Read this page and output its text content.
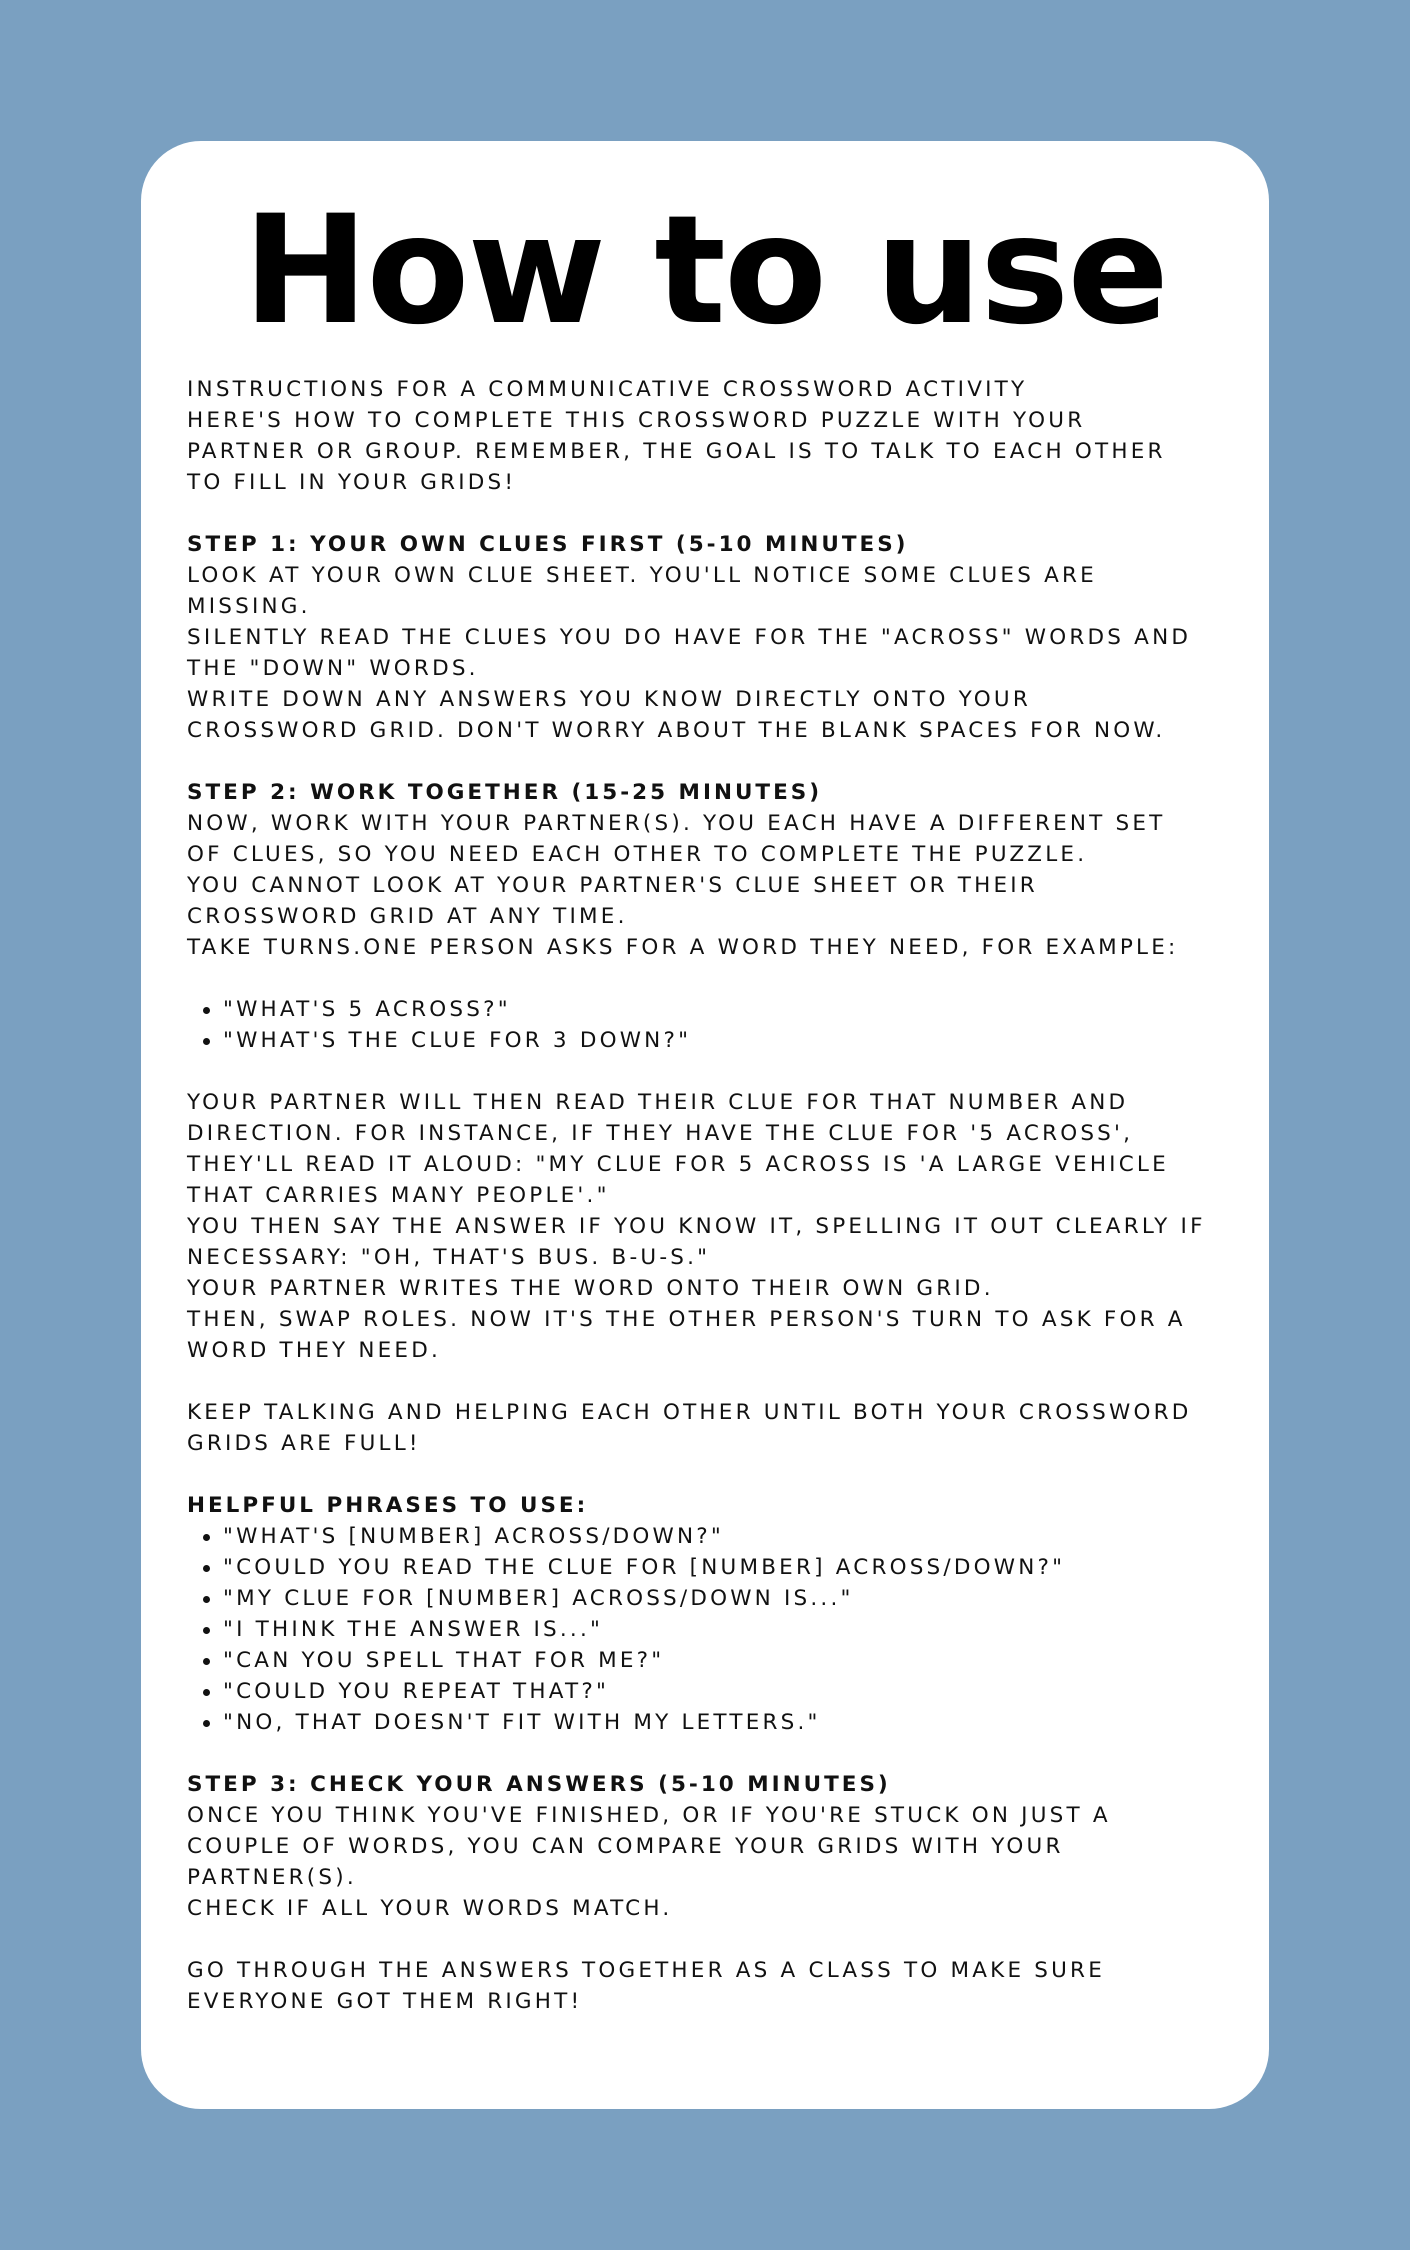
How to use
INSTRUCTIONS FOR A COMMUNICATIVE CROSSWORD ACTIVITY
HERE'S HOW TO COMPLETE THIS CROSSWORD PUZZLE WITH YOUR
PARTNER OR GROUP. REMEMBER, THE GOAL IS TO TALK TO EACH OTHER
TO FILL IN YOUR GRIDS!
STEP 1: YOUR OWN CLUES FIRST (5-10 MINUTES)
LOOK AT YOUR OWN CLUE SHEET. YOU'LL NOTICE SOME CLUES ARE
MISSING.
SILENTLY READ THE CLUES YOU DO HAVE FOR THE "ACROSS" WORDS AND
THE "DOWN" WORDS.
WRITE DOWN ANY ANSWERS YOU KNOW DIRECTLY ONTO YOUR
CROSSWORD GRID. DON'T WORRY ABOUT THE BLANK SPACES FOR NOW.
STEP 2: WORK TOGETHER (15-25 MINUTES)
NOW, WORK WITH YOUR PARTNER(S). YOU EACH HAVE A DIFFERENT SET
OF CLUES, SO YOU NEED EACH OTHER TO COMPLETE THE PUZZLE.
YOU CANNOT LOOK AT YOUR PARTNER'S CLUE SHEET OR THEIR
CROSSWORD GRID AT ANY TIME.
TAKE TURNS.ONE PERSON ASKS FOR A WORD THEY NEED, FOR EXAMPLE:
"WHAT'S 5 ACROSS?"
"WHAT'S THE CLUE FOR 3 DOWN?"
YOUR PARTNER WILL THEN READ THEIR CLUE FOR THAT NUMBER AND
DIRECTION. FOR INSTANCE, IF THEY HAVE THE CLUE FOR '5 ACROSS',
THEY'LL READ IT ALOUD: "MY CLUE FOR 5 ACROSS IS 'A LARGE VEHICLE
THAT CARRIES MANY PEOPLE'."
YOU THEN SAY THE ANSWER IF YOU KNOW IT, SPELLING IT OUT CLEARLY IF
NECESSARY: "OH, THAT'S BUS. B-U-S."
YOUR PARTNER WRITES THE WORD ONTO THEIR OWN GRID.
THEN, SWAP ROLES. NOW IT'S THE OTHER PERSON'S TURN TO ASK FOR A
WORD THEY NEED.
KEEP TALKING AND HELPING EACH OTHER UNTIL BOTH YOUR CROSSWORD
GRIDS ARE FULL!
HELPFUL PHRASES TO USE:
"WHAT'S [NUMBER] ACROSS/DOWN?"
"COULD YOU READ THE CLUE FOR [NUMBER] ACROSS/DOWN?"
"MY CLUE FOR [NUMBER] ACROSS/DOWN IS..."
"I THINK THE ANSWER IS..."
"CAN YOU SPELL THAT FOR ME?"
"COULD YOU REPEAT THAT?"
"NO, THAT DOESN'T FIT WITH MY LETTERS."
STEP 3: CHECK YOUR ANSWERS (5-10 MINUTES)
ONCE YOU THINK YOU'VE FINISHED, OR IF YOU'RE STUCK ON JUST A
COUPLE OF WORDS, YOU CAN COMPARE YOUR GRIDS WITH YOUR
PARTNER(S).
CHECK IF ALL YOUR WORDS MATCH.
GO THROUGH THE ANSWERS TOGETHER AS A CLASS TO MAKE SURE
EVERYONE GOT THEM RIGHT!
